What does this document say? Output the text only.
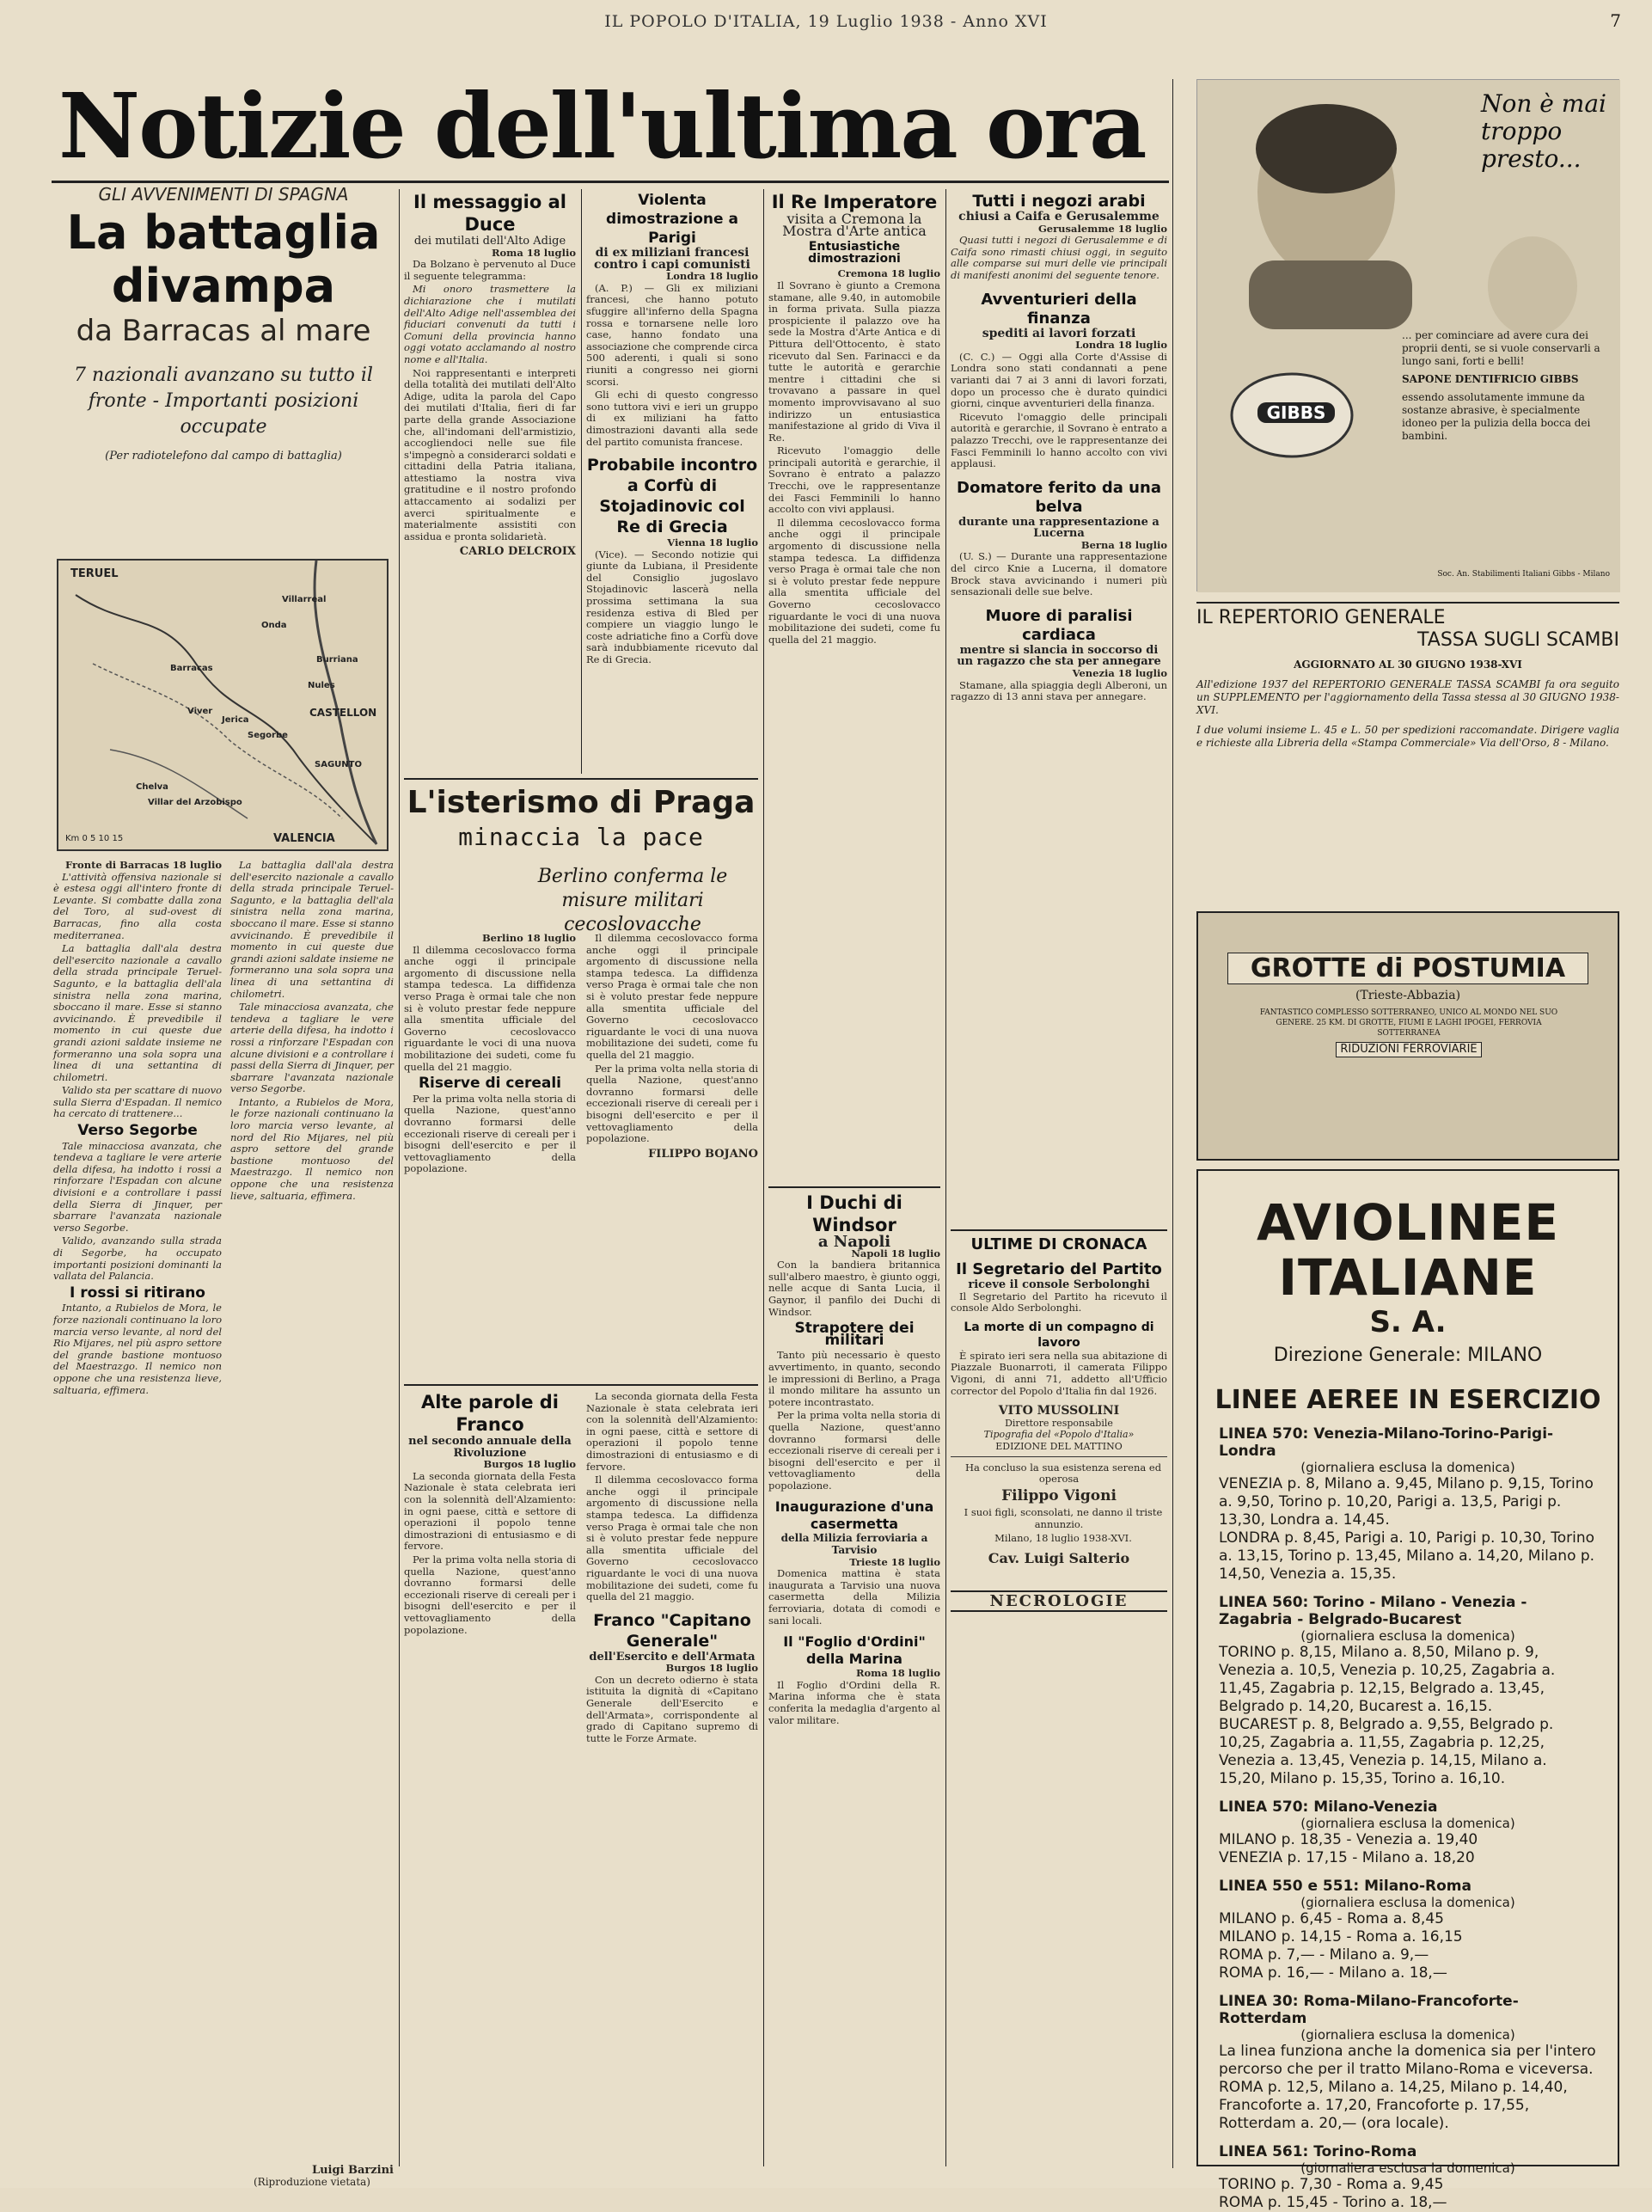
IL POPOLO D'ITALIA, 19 Luglio 1938 - Anno XVI	7
Notizie dell'ultima ora
GLI AVVENIMENTI DI SPAGNA
La battaglia divampa
da Barracas al mare
7 nazionali avanzano su tutto il fronte - Importanti posizioni occupate
(Per radiotelefono dal campo di battaglia)
TERUEL
VALENCIA
CASTELLON
SAGUNTO
Segorbe
Chelva
Villar del Arzobispo
Jerica
Viver
Barracas
Onda
Burriana
Nules
Villarreal
Km 0 5 10 15
Fronte di Barracas 18 luglio

L'attività offensiva nazionale si è estesa oggi all'intero fronte di Levante. Si combatte dalla zona del Toro, al sud-ovest di Barracas, fino alla costa mediterranea.

La battaglia dall'ala destra dell'esercito nazionale a cavallo della strada principale Teruel-Sagunto, e la battaglia dell'ala sinistra nella zona marina, sboccano il mare. Esse si stanno avvicinando. È prevedibile il momento in cui queste due grandi azioni saldate insieme ne formeranno una sola sopra una linea di una settantina di chilometri.

Valido sta per scattare di nuovo sulla Sierra d'Espadan. Il nemico ha cercato di trattenere...

Verso Segorbe

Tale minacciosa avanzata, che tendeva a tagliare le vere arterie della difesa, ha indotto i rossi a rinforzare l'Espadan con alcune divisioni e a controllare i passi della Sierra di Jinquer, per sbarrare l'avanzata nazionale verso Segorbe.

Valido, avanzando sulla strada di Segorbe, ha occupato importanti posizioni dominanti la vallata del Palancia.

I rossi si ritirano

Intanto, a Rubielos de Mora, le forze nazionali continuano la loro marcia verso levante, al nord del Rio Mijares, nel più aspro settore del grande bastione montuoso del Maestrazgo. Il nemico non oppone che una resistenza lieve, saltuaria, effimera.

La battaglia dall'ala destra dell'esercito nazionale a cavallo della strada principale Teruel-Sagunto, e la battaglia dell'ala sinistra nella zona marina, sboccano il mare. Esse si stanno avvicinando. È prevedibile il momento in cui queste due grandi azioni saldate insieme ne formeranno una sola sopra una linea di una settantina di chilometri.

Tale minacciosa avanzata, che tendeva a tagliare le vere arterie della difesa, ha indotto i rossi a rinforzare l'Espadan con alcune divisioni e a controllare i passi della Sierra di Jinquer, per sbarrare l'avanzata nazionale verso Segorbe.

Intanto, a Rubielos de Mora, le forze nazionali continuano la loro marcia verso levante, al nord del Rio Mijares, nel più aspro settore del grande bastione montuoso del Maestrazgo. Il nemico non oppone che una resistenza lieve, saltuaria, effimera.

Luigi Barzini
(Riproduzione vietata)
Il messaggio al Duce
dei mutilati dell'Alto Adige
Roma 18 luglio

Da Bolzano è pervenuto al Duce il seguente telegramma:

Mi onoro trasmettere la dichiarazione che i mutilati dell'Alto Adige nell'assemblea dei fiduciari convenuti da tutti i Comuni della provincia hanno oggi votato acclamando al nostro nome e all'Italia.

Noi rappresentanti e interpreti della totalità dei mutilati dell'Alto Adige, udita la parola del Capo dei mutilati d'Italia, fieri di far parte della grande Associazione che, all'indomani dell'armistizio, accogliendoci nelle sue file s'impegnò a considerarci soldati e cittadini della Patria italiana, attestiamo la nostra viva gratitudine e il nostro profondo attaccamento ai sodalizi per averci spiritualmente e materialmente assistiti con assidua e pronta solidarietà.

CARLO DELCROIX
Violenta dimostrazione a Parigi
di ex miliziani francesi contro i capi comunisti
Londra 18 luglio

(A. P.) — Gli ex miliziani francesi, che hanno potuto sfuggire all'inferno della Spagna rossa e tornarsene nelle loro case, hanno fondato una associazione che comprende circa 500 aderenti, i quali si sono riuniti a congresso nei giorni scorsi.

Gli echi di questo congresso sono tuttora vivi e ieri un gruppo di ex miliziani ha fatto dimostrazioni davanti alla sede del partito comunista francese.

Probabile incontro a Corfù di Stojadinovic col Re di Grecia
Vienna 18 luglio

(Vice). — Secondo notizie qui giunte da Lubiana, il Presidente del Consiglio jugoslavo Stojadinovic lascerà nella prossima settimana la sua residenza estiva di Bled per compiere un viaggio lungo le coste adriatiche fino a Corfù dove sarà indubbiamente ricevuto dal Re di Grecia.

L'isterismo di Praga
minaccia la pace
Berlino conferma le misure militari cecoslovacche
Berlino 18 luglio

Il dilemma cecoslovacco forma anche oggi il principale argomento di discussione nella stampa tedesca. La diffidenza verso Praga è ormai tale che non si è voluto prestar fede neppure alla smentita ufficiale del Governo cecoslovacco riguardante le voci di una nuova mobilitazione dei sudeti, come fu quella del 21 maggio.

Riserve di cereali

Per la prima volta nella storia di quella Nazione, quest'anno dovranno formarsi delle eccezionali riserve di cereali per i bisogni dell'esercito e per il vettovagliamento della popolazione.

Il dilemma cecoslovacco forma anche oggi il principale argomento di discussione nella stampa tedesca. La diffidenza verso Praga è ormai tale che non si è voluto prestar fede neppure alla smentita ufficiale del Governo cecoslovacco riguardante le voci di una nuova mobilitazione dei sudeti, come fu quella del 21 maggio.

Per la prima volta nella storia di quella Nazione, quest'anno dovranno formarsi delle eccezionali riserve di cereali per i bisogni dell'esercito e per il vettovagliamento della popolazione.

FILIPPO BOJANO
Alte parole di Franco
nel secondo annuale della Rivoluzione
Burgos 18 luglio

La seconda giornata della Festa Nazionale è stata celebrata ieri con la solennità dell'Alzamiento: in ogni paese, città e settore di operazioni il popolo tenne dimostrazioni di entusiasmo e di fervore.

Per la prima volta nella storia di quella Nazione, quest'anno dovranno formarsi delle eccezionali riserve di cereali per i bisogni dell'esercito e per il vettovagliamento della popolazione.

La seconda giornata della Festa Nazionale è stata celebrata ieri con la solennità dell'Alzamiento: in ogni paese, città e settore di operazioni il popolo tenne dimostrazioni di entusiasmo e di fervore.

Il dilemma cecoslovacco forma anche oggi il principale argomento di discussione nella stampa tedesca. La diffidenza verso Praga è ormai tale che non si è voluto prestar fede neppure alla smentita ufficiale del Governo cecoslovacco riguardante le voci di una nuova mobilitazione dei sudeti, come fu quella del 21 maggio.

Franco "Capitano Generale"
dell'Esercito e dell'Armata
Burgos 18 luglio

Con un decreto odierno è stata istituita la dignità di «Capitano Generale dell'Esercito e dell'Armata», corrispondente al grado di Capitano supremo di tutte le Forze Armate.

Il Re Imperatore
visita a Cremona la Mostra d'Arte antica
Entusiastiche dimostrazioni
Cremona 18 luglio

Il Sovrano è giunto a Cremona stamane, alle 9.40, in automobile in forma privata. Sulla piazza prospiciente il palazzo ove ha sede la Mostra d'Arte Antica e di Pittura dell'Ottocento, è stato ricevuto dal Sen. Farinacci e da tutte le autorità e gerarchie mentre i cittadini che si trovavano a passare in quel momento improvvisavano al suo indirizzo un entusiastica manifestazione al grido di Viva il Re.

Ricevuto l'omaggio delle principali autorità e gerarchie, il Sovrano è entrato a palazzo Trecchi, ove le rappresentanze dei Fasci Femminili lo hanno accolto con vivi applausi.

Il dilemma cecoslovacco forma anche oggi il principale argomento di discussione nella stampa tedesca. La diffidenza verso Praga è ormai tale che non si è voluto prestar fede neppure alla smentita ufficiale del Governo cecoslovacco riguardante le voci di una nuova mobilitazione dei sudeti, come fu quella del 21 maggio.

I Duchi di Windsor
a Napoli
Napoli 18 luglio

Con la bandiera britannica sull'albero maestro, è giunto oggi, nelle acque di Santa Lucia, il Gaynor, il panfilo dei Duchi di Windsor.

Strapotere dei militari

Tanto più necessario è questo avvertimento, in quanto, secondo le impressioni di Berlino, a Praga il mondo militare ha assunto un potere incontrastato.

Per la prima volta nella storia di quella Nazione, quest'anno dovranno formarsi delle eccezionali riserve di cereali per i bisogni dell'esercito e per il vettovagliamento della popolazione.

Inaugurazione d'una casermetta
della Milizia ferroviaria a Tarvisio
Trieste 18 luglio

Domenica mattina è stata inaugurata a Tarvisio una nuova casermetta della Milizia ferroviaria, dotata di comodi e sani locali.

Il "Foglio d'Ordini" della Marina
Roma 18 luglio

Il Foglio d'Ordini della R. Marina informa che è stata conferita la medaglia d'argento al valor militare.

Tutti i negozi arabi
chiusi a Caifa e Gerusalemme
Gerusalemme 18 luglio

Quasi tutti i negozi di Gerusalemme e di Caifa sono rimasti chiusi oggi, in seguito alle comparse sui muri delle vie principali di manifesti anonimi del seguente tenore.

Avventurieri della finanza
spediti ai lavori forzati
Londra 18 luglio

(C. C.) — Oggi alla Corte d'Assise di Londra sono stati condannati a pene varianti dai 7 ai 3 anni di lavori forzati, dopo un processo che è durato quindici giorni, cinque avventurieri della finanza.

Ricevuto l'omaggio delle principali autorità e gerarchie, il Sovrano è entrato a palazzo Trecchi, ove le rappresentanze dei Fasci Femminili lo hanno accolto con vivi applausi.

Domatore ferito da una belva
durante una rappresentazione a Lucerna
Berna 18 luglio

(U. S.) — Durante una rappresentazione del circo Knie a Lucerna, il domatore Brock stava avvicinando i numeri più sensazionali delle sue belve.

Muore di paralisi cardiaca
mentre si slancia in soccorso di un ragazzo che sta per annegare
Venezia 18 luglio

Stamane, alla spiaggia degli Alberoni, un ragazzo di 13 anni stava per annegare.

ULTIME DI CRONACA
Il Segretario del Partito
riceve il console Serbolonghi

Il Segretario del Partito ha ricevuto il console Aldo Serbolonghi.

La morte di un compagno di lavoro

È spirato ieri sera nella sua abitazione di Piazzale Buonarroti, il camerata Filippo Vigoni, di anni 71, addetto all'Ufficio corrector del Popolo d'Italia fin dal 1926.

VITO MUSSOLINI
Direttore responsabile
Tipografia del «Popolo d'Italia»
EDIZIONE DEL MATTINO

Ha concluso la sua esistenza serena ed operosa

Filippo Vigoni

I suoi figli, sconsolati, ne danno il triste annunzio.

Milano, 18 luglio 1938-XVI.

Cav. Luigi Salterio
NECROLOGIE
Non è mai troppo presto...
GIBBS
... per cominciare ad avere cura dei proprii denti, se si vuole conservarli a lungo sani, forti e belli!
SAPONE DENTIFRICIO GIBBS
essendo assolutamente immune da sostanze abrasive, è specialmente idoneo per la pulizia della bocca dei bambini.
Soc. An. Stabilimenti Italiani Gibbs - Milano
IL REPERTORIO GENERALE
TASSA SUGLI SCAMBI
AGGIORNATO AL 30 GIUGNO 1938-XVI

All'edizione 1937 del REPERTORIO GENERALE TASSA SCAMBI fa ora seguito un SUPPLEMENTO per l'aggiornamento della Tassa stessa al 30 GIUGNO 1938-XVI.

I due volumi insieme L. 45 e L. 50 per spedizioni raccomandate. Dirigere vaglia e richieste alla Libreria della «Stampa Commerciale» Via dell'Orso, 8 - Milano.

GROTTE di POSTUMIA
(Trieste-Abbazia)
FANTASTICO COMPLESSO SOTTERRANEO, UNICO AL MONDO NEL SUO GENERE. 25 KM. DI GROTTE, FIUMI E LAGHI IPOGEI, FERROVIA SOTTERRANEA
RIDUZIONI FERROVIARIE
AVIOLINEE ITALIANE
S. A.
Direzione Generale: MILANO
LINEE AEREE IN ESERCIZIO
LINEA 570: Venezia-Milano-Torino-Parigi-Londra
(giornaliera esclusa la domenica)
VENEZIA p. 8, Milano a. 9,45, Milano p. 9,15, Torino a. 9,50, Torino p. 10,20, Parigi a. 13,5, Parigi p. 13,30, Londra a. 14,45.
LONDRA p. 8,45, Parigi a. 10, Parigi p. 10,30, Torino a. 13,15, Torino p. 13,45, Milano a. 14,20, Milano p. 14,50, Venezia a. 15,35.
LINEA 560: Torino - Milano - Venezia - Zagabria - Belgrado-Bucarest
(giornaliera esclusa la domenica)
TORINO p. 8,15, Milano a. 8,50, Milano p. 9, Venezia a. 10,5, Venezia p. 10,25, Zagabria a. 11,45, Zagabria p. 12,15, Belgrado a. 13,45, Belgrado p. 14,20, Bucarest a. 16,15.
BUCAREST p. 8, Belgrado a. 9,55, Belgrado p. 10,25, Zagabria a. 11,55, Zagabria p. 12,25, Venezia a. 13,45, Venezia p. 14,15, Milano a. 15,20, Milano p. 15,35, Torino a. 16,10.
LINEA 570: Milano-Venezia
(giornaliera esclusa la domenica)
MILANO p. 18,35 - Venezia a. 19,40
VENEZIA p. 17,15 - Milano a. 18,20
LINEA 550 e 551: Milano-Roma
(giornaliera esclusa la domenica)
MILANO p. 6,45 - Roma a. 8,45
MILANO p. 14,15 - Roma a. 16,15
ROMA p. 7,— - Milano a. 9,—
ROMA p. 16,— - Milano a. 18,—
LINEA 30: Roma-Milano-Francoforte-Rotterdam
(giornaliera esclusa la domenica)
La linea funziona anche la domenica sia per l'intero percorso che per il tratto Milano-Roma e viceversa.
ROMA p. 12,5, Milano a. 14,25, Milano p. 14,40, Francoforte a. 17,20, Francoforte p. 17,55, Rotterdam a. 20,— (ora locale).
LINEA 561: Torino-Roma
(giornaliera esclusa la domenica)
TORINO p. 7,30 - Roma a. 9,45
ROMA p. 15,45 - Torino a. 18,—
